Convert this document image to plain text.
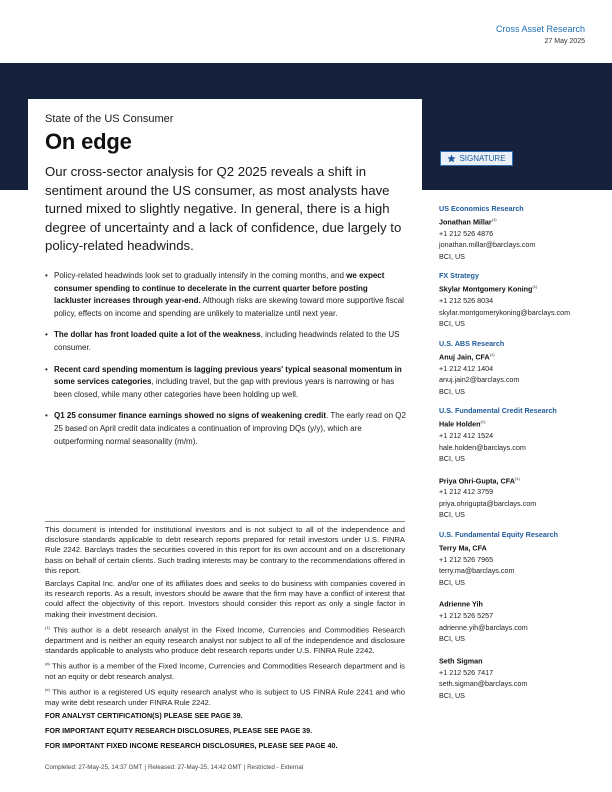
Cross Asset Research
27 May 2025
State of the US Consumer
On edge
Our cross-sector analysis for Q2 2025 reveals a shift in sentiment around the US consumer, as most analysts have turned mixed to slightly negative. In general, there is a high degree of uncertainty and a lack of confidence, due largely to policy-related headwinds.
• Policy-related headwinds look set to gradually intensify in the coming months, and we expect consumer spending to continue to decelerate in the current quarter before posting lackluster increases through year-end. Although risks are skewing toward more supportive fiscal policy, effects on income and spending are unlikely to materialize until next year.
• The dollar has front loaded quite a lot of the weakness, including headwinds related to the US consumer.
• Recent card spending momentum is lagging previous years' typical seasonal momentum in some services categories, including travel, but the gap with previous years is narrowing or has been closed, while many other categories have been holding up well.
• Q1 25 consumer finance earnings showed no signs of weakening credit. The early read on Q2 25 based on April credit data indicates a continuation of improving DQs (y/y), which are outperforming normal seasonality (m/m).
SIGNATURE
US Economics Research
Jonathan Millar$^{(1)}$
+1 212 526 4876
jonathan.millar@barclays.com
BCI, US
FX Strategy
Skylar Montgomery Koning$^{(1)}$
+1 212 526 8034
skylar.montgomerykoning@barclays.com
BCI, US
U.S. ABS Research
Anuj Jain, $CFA^{(1)}$
+1 212 412 1404
anuj.jain2@barclays.com
BCI, US
U.S. Fundamental Credit Research
Hale Holden$^{(1)}$
+1 212 412 1524
hale.holden@barclays.com
BCI, US
Priya Ohri-Gupta, $CFA^{(1)}$
+1 212 412 3759
priya.ohrigupta@barclays.com
BCI, US
U.S. Fundamental Equity Research
Terry Ma, CFA
+1 212 526 7965
terry.ma@barclays.com
BCI, US
Adrienne Yih
+1 212 526 5257
adrienne.yih@barclays.com
BCI, US
Seth Sigman
+1 212 526 7417
seth.sigman@barclays.com
BCI, US

This document is intended for institutional investors and is not subject to all of the independence and disclosure standards applicable to debt research reports prepared for retail investors under U.S. FINRA Rule 2242. Barclays trades the securities covered in this report for its own account and on a discretionary basis on behalf of certain clients. Such trading interests may be contrary to the recommendations offered in this report.

Barclays Capital Inc. and/or one of its affiliates does and seeks to do business with companies covered in its research reports. As a result, investors should be aware that the firm may have a conflict of interest that could affect the objectivity of this report. Investors should consider this report as only a single factor in making their investment decision.

$^{(1)}$ This author is a debt research analyst in the Fixed Income, Currencies and Commodities Research department and is neither an equity research analyst nor subject to all of the independence and disclosure standards applicable to analysts who produce debt research reports under U.S. FINRA Rule 2242.

$^{(a)}$ This author is a member of the Fixed Income, Currencies and Commodities Research department and is not an equity or debt research analyst.

$^{(e)}$ This author is a registered US equity research analyst who is subject to US FINRA Rule 2241 and who may write debt research under FINRA Rule 2242.

FOR ANALYST CERTIFICATION(S) PLEASE SEE PAGE 39.

FOR IMPORTANT EQUITY RESEARCH DISCLOSURES, PLEASE SEE PAGE 39.

FOR IMPORTANT FIXED INCOME RESEARCH DISCLOSURES, PLEASE SEE PAGE 40.

Completed: 27-May-25, 14:37 GMT | Released: 27-May-25, 14:42 GMT | Restricted - External
